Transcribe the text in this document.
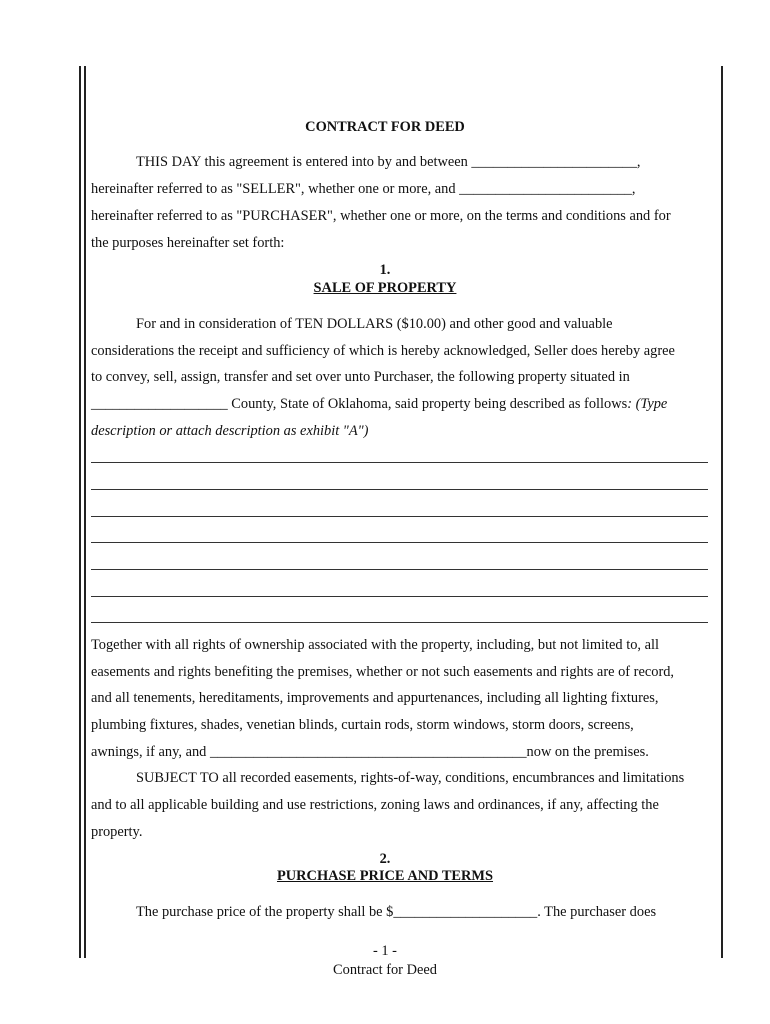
CONTRACT FOR DEED
THIS DAY this agreement is entered into by and between _______________________,
hereinafter referred to as "SELLER", whether one or more, and ________________________,
hereinafter referred to as "PURCHASER", whether one or more, on the terms and conditions and for
the purposes hereinafter set forth:
1.
SALE OF PROPERTY
For and in consideration of TEN DOLLARS ($10.00) and other good and valuable
considerations the receipt and sufficiency of which is hereby acknowledged, Seller does hereby agree
to convey, sell, assign, transfer and set over unto Purchaser, the following property situated in
___________________ County, State of Oklahoma, said property being described as follows: (Type
description or attach description as exhibit "A")
Together with all rights of ownership associated with the property, including, but not limited to, all
easements and rights benefiting the premises, whether or not such easements and rights are of record,
and all tenements, hereditaments, improvements and appurtenances, including all lighting fixtures,
plumbing fixtures, shades, venetian blinds, curtain rods, storm windows, storm doors, screens,
awnings, if any, and ____________________________________________now on the premises.
SUBJECT TO all recorded easements, rights-of-way, conditions, encumbrances and limitations
and to all applicable building and use restrictions, zoning laws and ordinances, if any, affecting the
property.
2.
PURCHASE PRICE AND TERMS
The purchase price of the property shall be $____________________. The purchaser does
- 1 -
Contract for Deed
